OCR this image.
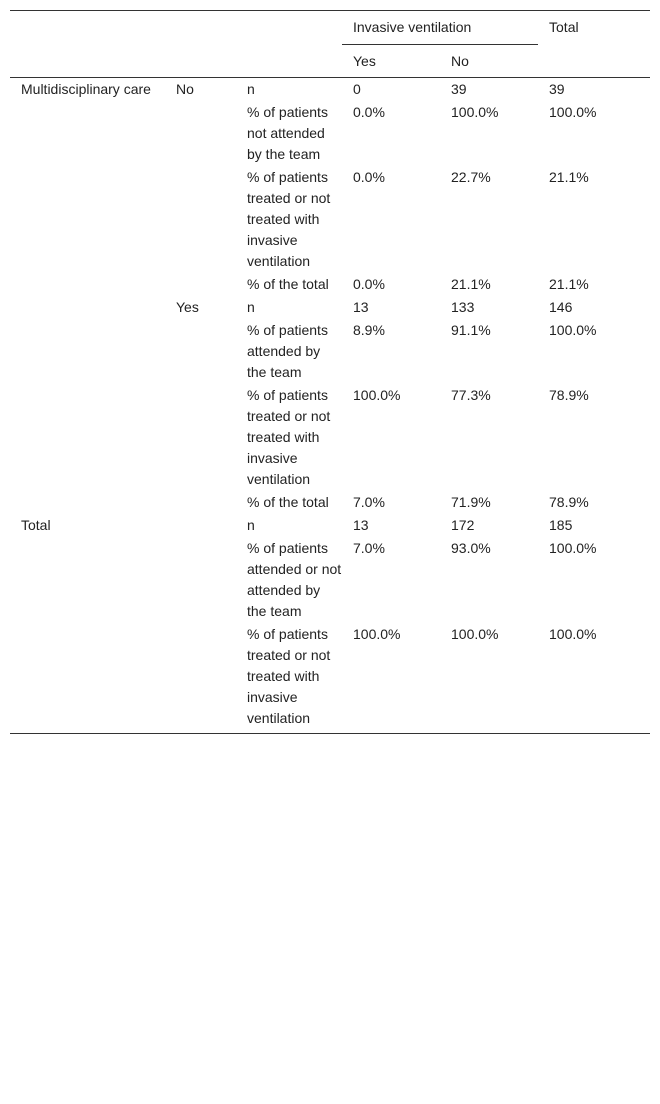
			Invasive ventilation		Total
			Yes	No	
Multidisciplinary care	No	n	0	39	39
		% of patients not attended by the team	0.0%	100.0%	100.0%
		% of patients treated or not treated with invasive ventilation	0.0%	22.7%	21.1%
		% of the total	0.0%	21.1%	21.1%
	Yes	n	13	133	146
		% of patients attended by the team	8.9%	91.1%	100.0%
		% of patients treated or not treated with invasive ventilation	100.0%	77.3%	78.9%
		% of the total	7.0%	71.9%	78.9%
Total		n	13	172	185
		% of patients attended or not attended by the team	7.0%	93.0%	100.0%
		% of patients treated or not treated with invasive ventilation	100.0%	100.0%	100.0%
